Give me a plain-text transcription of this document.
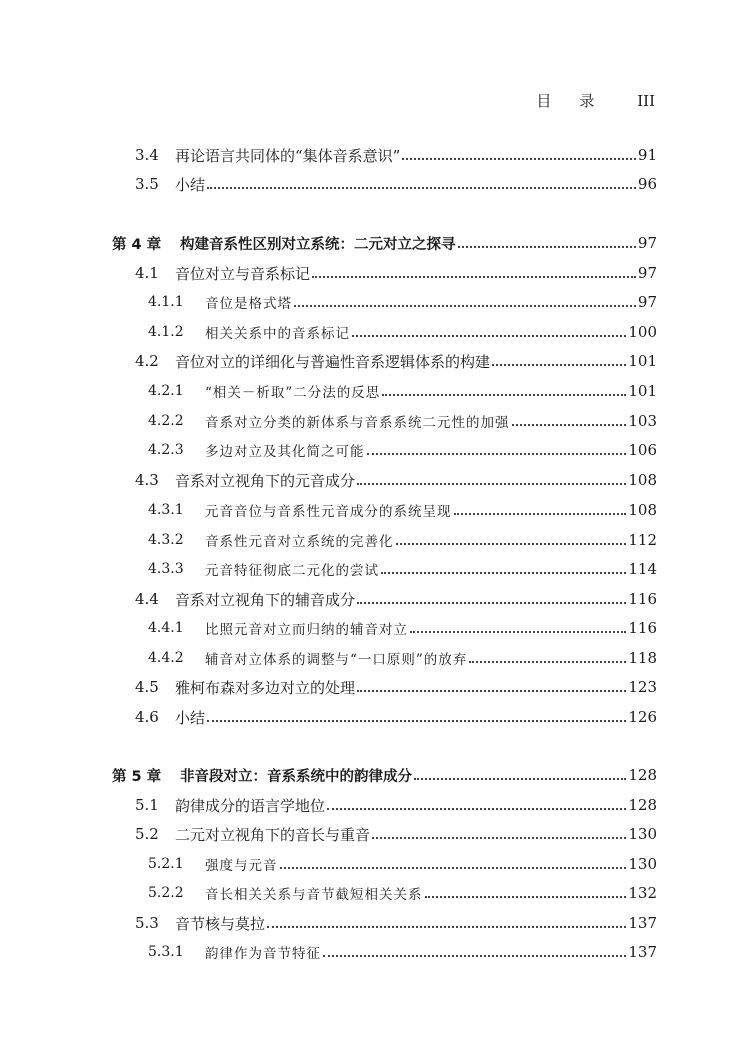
目录 III
3.4 再论语言共同体的“集体音系意识”	91
3.5 小结	96
第 4 章 构建音系性区别对立系统：二元对立之探寻	97
4.1 音位对立与音系标记	97
4.1.1 音位是格式塔	97
4.1.2 相关关系中的音系标记	100
4.2 音位对立的详细化与普遍性音系逻辑体系的构建	101
4.2.1 “相关－析取”二分法的反思	101
4.2.2 音系对立分类的新体系与音系系统二元性的加强	103
4.2.3 多边对立及其化简之可能	106
4.3 音系对立视角下的元音成分	108
4.3.1 元音音位与音系性元音成分的系统呈现	108
4.3.2 音系性元音对立系统的完善化	112
4.3.3 元音特征彻底二元化的尝试	114
4.4 音系对立视角下的辅音成分	116
4.4.1 比照元音对立而归纳的辅音对立	116
4.4.2 辅音对立体系的调整与“一口原则”的放弃	118
4.5 雅柯布森对多边对立的处理	123
4.6 小结	126
第 5 章 非音段对立：音系系统中的韵律成分	128
5.1 韵律成分的语言学地位	128
5.2 二元对立视角下的音长与重音	130
5.2.1 强度与元音	130
5.2.2 音长相关关系与音节截短相关关系	132
5.3 音节核与莫拉	137
5.3.1 韵律作为音节特征	137
